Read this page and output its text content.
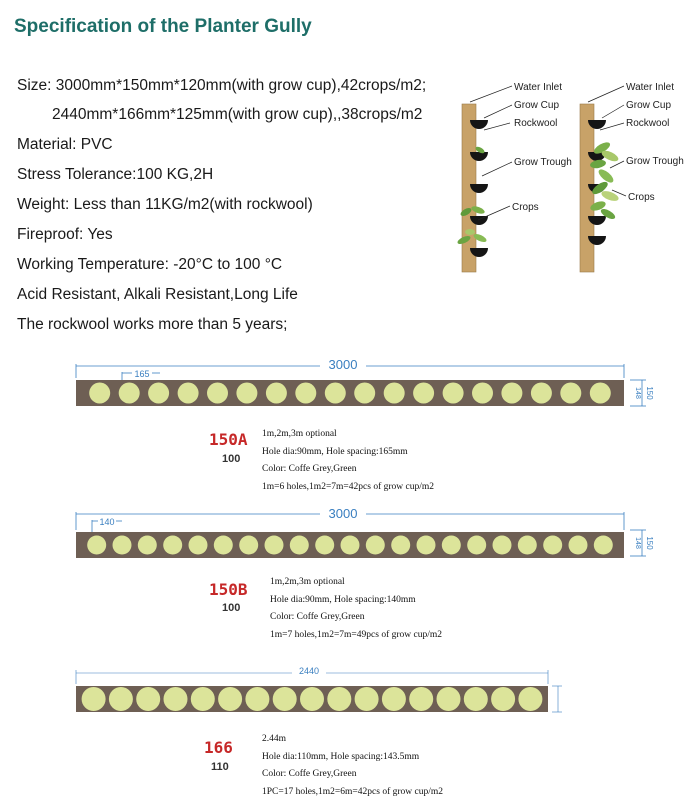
Specification of the Planter Gully
Size: 3000mm*150mm*120mm(with grow cup),42crops/m2;
2440mm*166mm*125mm(with grow cup),,38crops/m2
Material: PVC
Stress Tolerance:100 KG,2H
Weight: Less than 11KG/m2(with rockwool)
Fireproof: Yes
Working Temperature: -20°C to 100 °C
Acid Resistant, Alkali Resistant,Long Life
The rockwool works more than 5 years;
Water Inlet
Grow Cup
Rockwool
Grow Trough
Crops
Water Inlet
Grow Cup
Rockwool
Grow Trough
Crops
3000
165
148 150
150A
100
1m,2m,3m optional
Hole dia:90mm, Hole spacing:165mm
Color: Coffe Grey,Green
1m=6 holes,1m2=7m=42pcs of grow cup/m2
3000
140
148 150
150B
100
1m,2m,3m optional
Hole dia:90mm, Hole spacing:140mm
Color: Coffe Grey,Green
1m=7 holes,1m2=7m=49pcs of grow cup/m2
2440
166
110
2.44m
Hole dia:110mm, Hole spacing:143.5mm
Color: Coffe Grey,Green
1PC=17 holes,1m2=6m=42pcs of grow cup/m2
